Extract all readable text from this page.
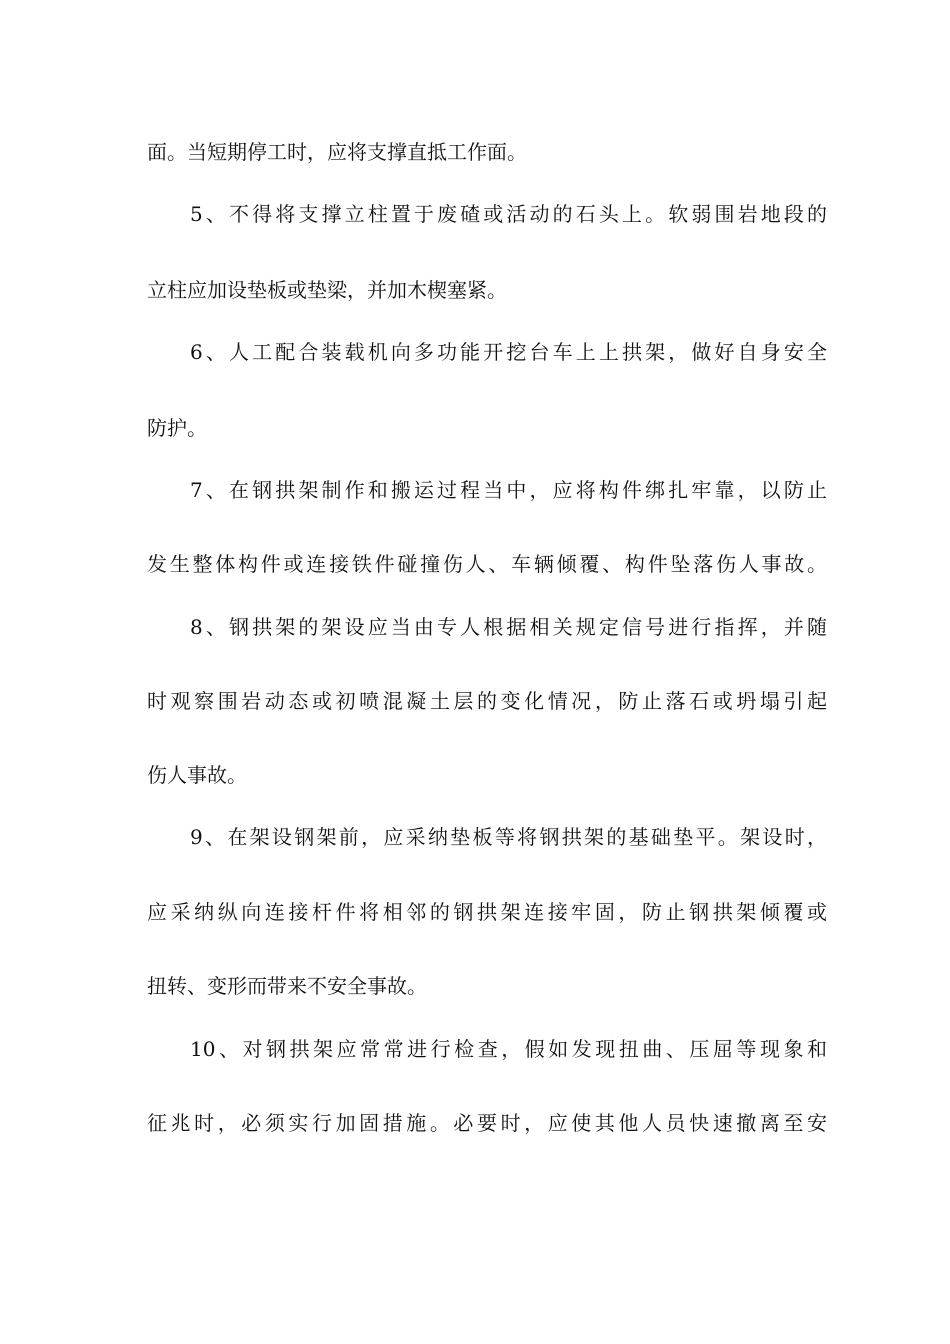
面。当短期停工时，应将支撑直抵工作面。
5、不得将支撑立柱置于废碴或活动的石头上。软弱围岩地段的
立柱应加设垫板或垫梁，并加木楔塞紧。
6、人工配合装载机向多功能开挖台车上上拱架，做好自身安全
防护。
7、在钢拱架制作和搬运过程当中，应将构件绑扎牢靠，以防止
发生整体构件或连接铁件碰撞伤人、车辆倾覆、构件坠落伤人事故。
8、钢拱架的架设应当由专人根据相关规定信号进行指挥，并随
时观察围岩动态或初喷混凝土层的变化情况，防止落石或坍塌引起
伤人事故。
9、在架设钢架前，应采纳垫板等将钢拱架的基础垫平。架设时，
应采纳纵向连接杆件将相邻的钢拱架连接牢固，防止钢拱架倾覆或
扭转、变形而带来不安全事故。
10、对钢拱架应常常进行检查，假如发现扭曲、压屈等现象和
征兆时，必须实行加固措施。必要时，应使其他人员快速撤离至安
